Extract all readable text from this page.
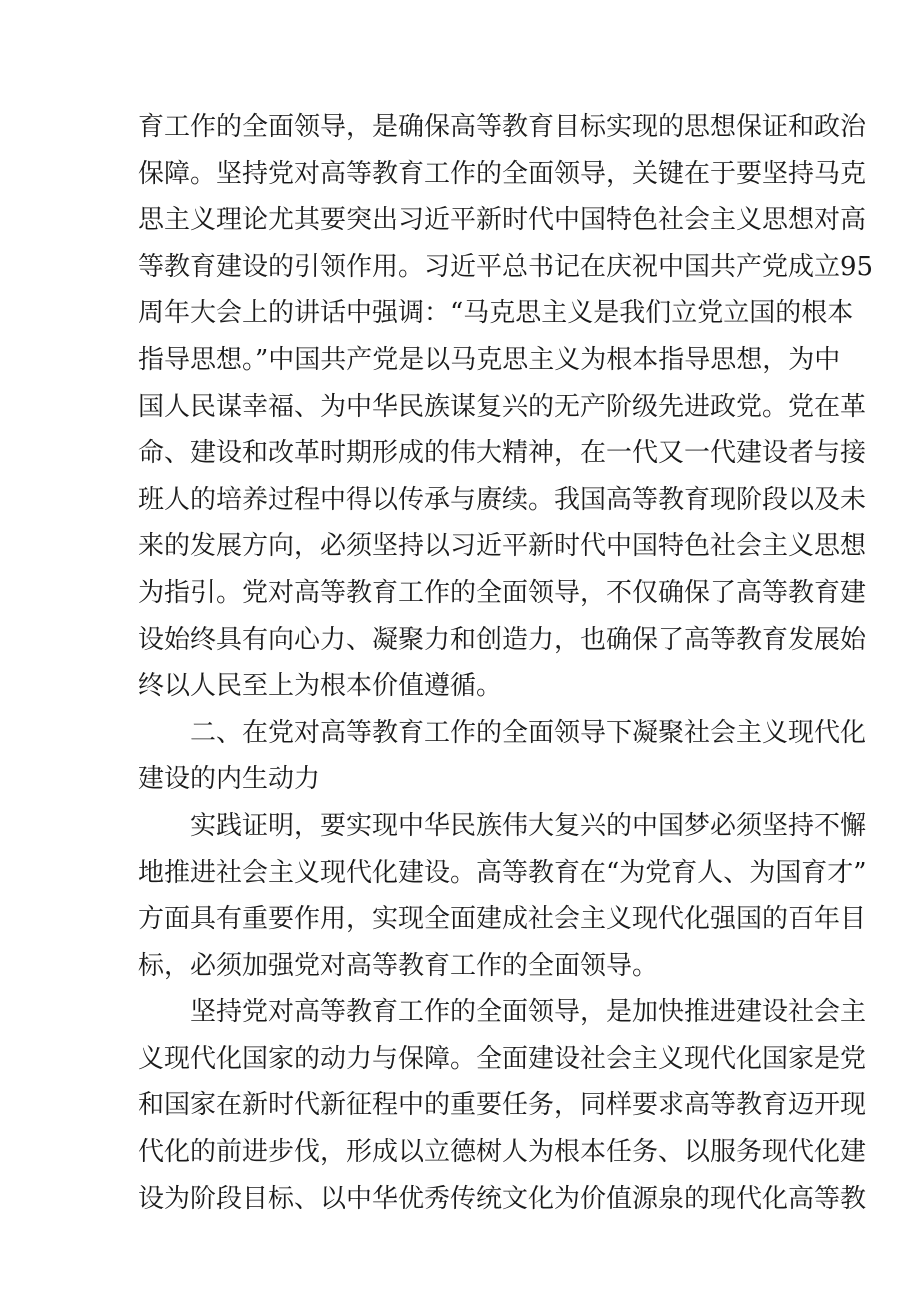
育工作的全面领导，是确保高等教育目标实现的思想保证和政治
保障。坚持党对高等教育工作的全面领导，关键在于要坚持马克
思主义理论尤其要突出习近平新时代中国特色社会主义思想对高
等教育建设的引领作用。习近平总书记在庆祝中国共产党成立95
周年大会上的讲话中强调：“马克思主义是我们立党立国的根本
指导思想。”中国共产党是以马克思主义为根本指导思想，为中
国人民谋幸福、为中华民族谋复兴的无产阶级先进政党。党在革
命、建设和改革时期形成的伟大精神，在一代又一代建设者与接
班人的培养过程中得以传承与赓续。我国高等教育现阶段以及未
来的发展方向，必须坚持以习近平新时代中国特色社会主义思想
为指引。党对高等教育工作的全面领导，不仅确保了高等教育建
设始终具有向心力、凝聚力和创造力，也确保了高等教育发展始
终以人民至上为根本价值遵循。
二、在党对高等教育工作的全面领导下凝聚社会主义现代化
建设的内生动力
实践证明，要实现中华民族伟大复兴的中国梦必须坚持不懈
地推进社会主义现代化建设。高等教育在“为党育人、为国育才”
方面具有重要作用，实现全面建成社会主义现代化强国的百年目
标，必须加强党对高等教育工作的全面领导。
坚持党对高等教育工作的全面领导，是加快推进建设社会主
义现代化国家的动力与保障。全面建设社会主义现代化国家是党
和国家在新时代新征程中的重要任务，同样要求高等教育迈开现
代化的前进步伐，形成以立德树人为根本任务、以服务现代化建
设为阶段目标、以中华优秀传统文化为价值源泉的现代化高等教
